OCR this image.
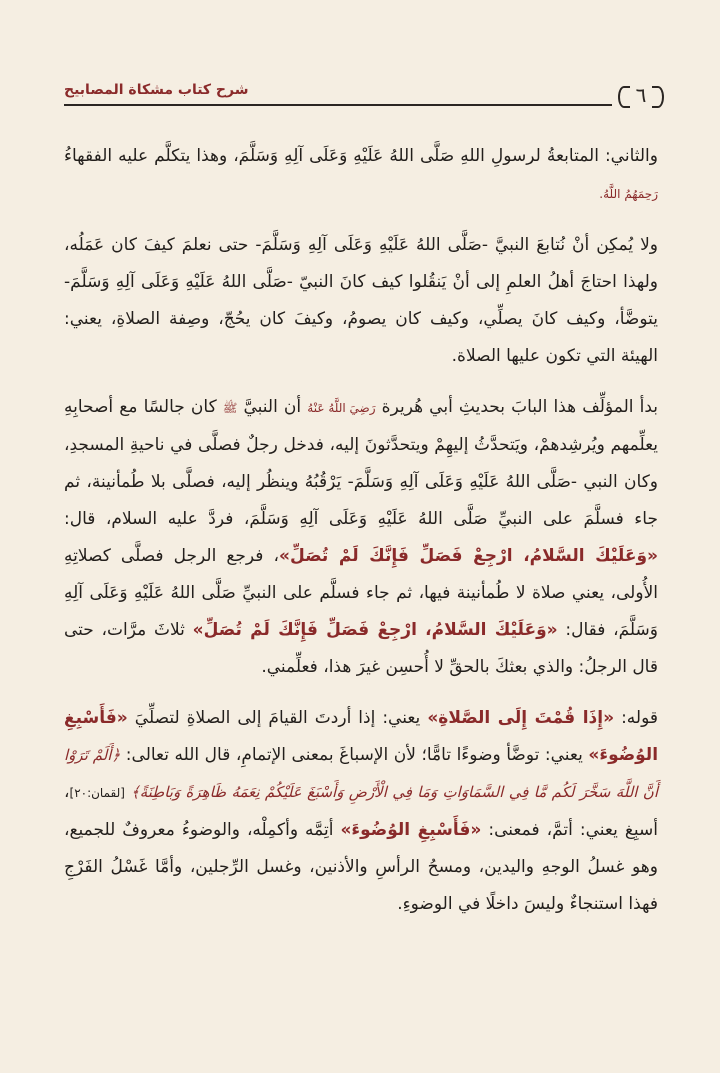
٦
شرح كتاب مشكاة المصابيح

والثاني: المتابعةُ لرسولِ اللهِ صَلَّى اللهُ عَلَيْهِ وَعَلَى آلِهِ وَسَلَّمَ، وهذا يتكلَّم عليه الفقهاءُ رَحِمَهُمُ اللَّهُ.

ولا يُمكِن أنْ نُتابعَ النبيَّ -صَلَّى اللهُ عَلَيْهِ وَعَلَى آلِهِ وَسَلَّمَ- حتى نعلمَ كيفَ كان عَمَلُه، ولهذا احتاجَ أهلُ العلمِ إلى أنْ يَنقُلوا كيف كانَ النبيّ -صَلَّى اللهُ عَلَيْهِ وَعَلَى آلِهِ وَسَلَّمَ- يتوضَّأ، وكيف كانَ يصلِّي، وكيف كان يصومُ، وكيفَ كان يحُجّ، وصِفة الصلاةِ، يعني: الهيئة التي تكون عليها الصلاة.

بدأ المؤلِّف هذا البابَ بحديثِ أبي هُريرة رَضِيَ اللَّهُ عَنْهُ أن النبيَّ ﷺ كان جالسًا مع أصحابِهِ يعلِّمهم ويُرشِدهمْ، ويَتحدَّثُ إليهِمْ ويتحدَّثونَ إليه، فدخل رجلٌ فصلَّى في ناحيةِ المسجدِ، وكان النبي -صَلَّى اللهُ عَلَيْهِ وَعَلَى آلِهِ وَسَلَّمَ- يَرْقُبُهُ وينظُر إليه، فصلَّى بلا طُمأنينة، ثم جاء فسلَّمَ على النبيِّ صَلَّى اللهُ عَلَيْهِ وَعَلَى آلِهِ وَسَلَّمَ، فردَّ عليه السلام، قال: «وَعَلَيْكَ السَّلامُ، ارْجِعْ فَصَلِّ فَإِنَّكَ لَمْ تُصَلِّ»، فرجع الرجل فصلَّى كصلاتِهِ الأُولى، يعني صلاة لا طُمأنينة فيها، ثم جاء فسلَّم على النبيِّ صَلَّى اللهُ عَلَيْهِ وَعَلَى آلِهِ وَسَلَّمَ، فقال: «وَعَلَيْكَ السَّلامُ، ارْجِعْ فَصَلِّ فَإِنَّكَ لَمْ تُصَلِّ» ثلاثَ مرَّات، حتى قال الرجلُ: والذي بعثكَ بالحقِّ لا أُحسِن غيرَ هذا، فعلِّمني.

قوله: «إِذَا قُمْتَ إِلَى الصَّلاةِ» يعني: إذا أردتَ القيامَ إلى الصلاةِ لتصلِّيَ «فَأَسْبِغِ الوُضُوءَ» يعني: توضَّأ وضوءًا تامًّا؛ لأن الإسباغَ بمعنى الإتمامِ، قال الله تعالى: ﴿أَلَمْ تَرَوْا أَنَّ اللَّهَ سَخَّرَ لَكُم مَّا فِي السَّمَاوَاتِ وَمَا فِي الْأَرْضِ وَأَسْبَغَ عَلَيْكُمْ نِعَمَهُ ظَاهِرَةً وَبَاطِنَةً﴾ [لقمان:٢٠]، أسبِغ يعني: أتمَّ، فمعنى: «فَأَسْبِغِ الوُضُوءَ» أتِمَّه وأكمِلْه، والوضوءُ معروفٌ للجميع، وهو غسلُ الوجهِ واليدين، ومسحُ الرأسِ والأذنين، وغسل الرِّجلين، وأمَّا غَسْلُ الفَرْجِ فهذا استنجاءٌ وليسَ داخلًا في الوضوءِ.
